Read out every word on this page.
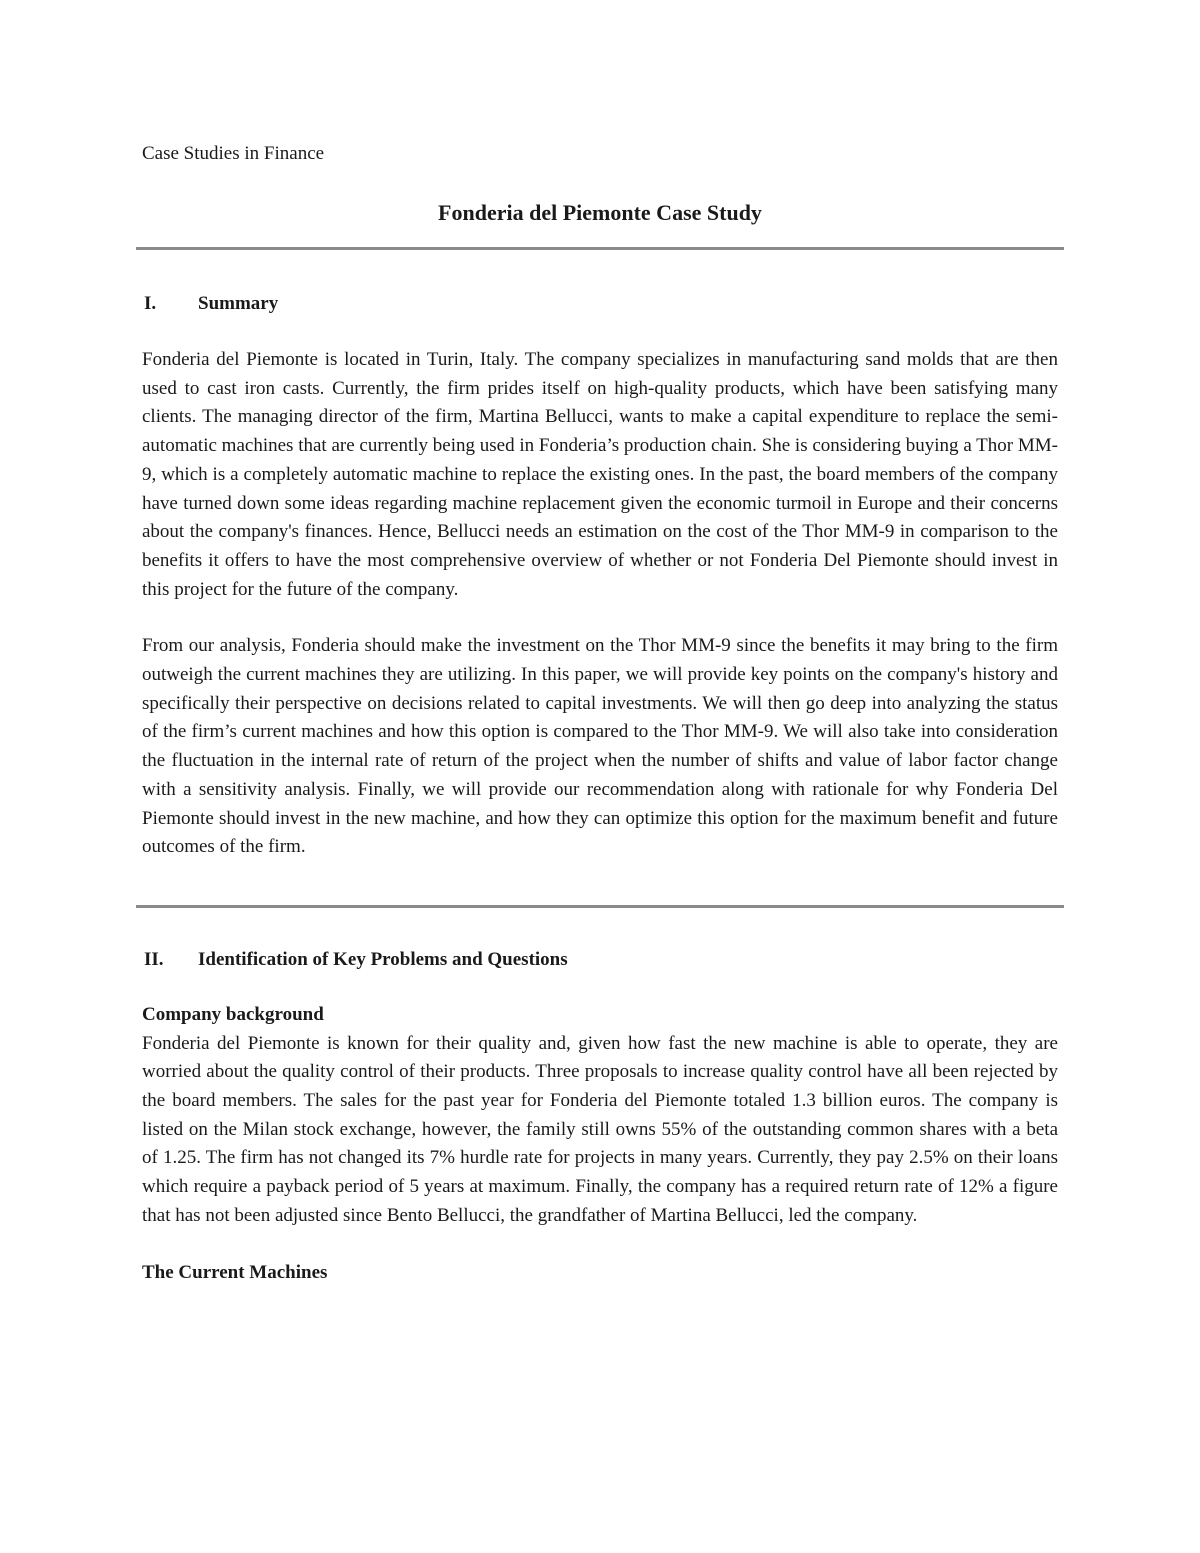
Case Studies in Finance

Fonderia del Piemonte Case Study
I.	Summary

Fonderia del Piemonte is located in Turin, Italy. The company specializes in manufacturing sand molds that are then used to cast iron casts. Currently, the firm prides itself on high-quality products, which have been satisfying many clients. The managing director of the firm, Martina Bellucci, wants to make a capital expenditure to replace the semi-automatic machines that are currently being used in Fonderia’s production chain. She is considering buying a Thor MM-9, which is a completely automatic machine to replace the existing ones. In the past, the board members of the company have turned down some ideas regarding machine replacement given the economic turmoil in Europe and their concerns about the company's finances. Hence, Bellucci needs an estimation on the cost of the Thor MM-9 in comparison to the benefits it offers to have the most comprehensive overview of whether or not Fonderia Del Piemonte should invest in this project for the future of the company.

From our analysis, Fonderia should make the investment on the Thor MM-9 since the benefits it may bring to the firm outweigh the current machines they are utilizing. In this paper, we will provide key points on the company's history and specifically their perspective on decisions related to capital investments. We will then go deep into analyzing the status of the firm’s current machines and how this option is compared to the Thor MM-9. We will also take into consideration the fluctuation in the internal rate of return of the project when the number of shifts and value of labor factor change with a sensitivity analysis. Finally, we will provide our recommendation along with rationale for why Fonderia Del Piemonte should invest in the new machine, and how they can optimize this option for the maximum benefit and future outcomes of the firm.

II.	Identification of Key Problems and Questions

Company background

Fonderia del Piemonte is known for their quality and, given how fast the new machine is able to operate, they are worried about the quality control of their products. Three proposals to increase quality control have all been rejected by the board members. The sales for the past year for Fonderia del Piemonte totaled 1.3 billion euros. The company is listed on the Milan stock exchange, however, the family still owns 55% of the outstanding common shares with a beta of 1.25. The firm has not changed its 7% hurdle rate for projects in many years. Currently, they pay 2.5% on their loans which require a payback period of 5 years at maximum. Finally, the company has a required return rate of 12% a figure that has not been adjusted since Bento Bellucci, the grandfather of Martina Bellucci, led the company.

The Current Machines
